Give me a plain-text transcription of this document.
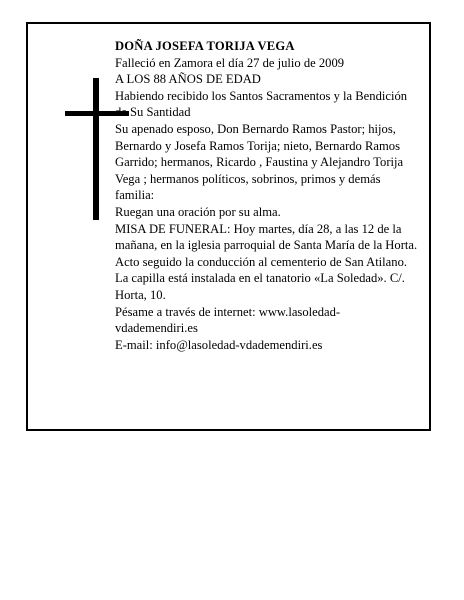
DOÑA JOSEFA TORIJA VEGA

Falleció en Zamora el día 27 de julio de 2009

A LOS 88 AÑOS DE EDAD

Habiendo recibido los Santos Sacramentos y la Bendición de Su Santidad

Su apenado esposo, Don Bernardo Ramos Pastor; hijos, Bernardo y Josefa Ramos Torija; nieto, Bernardo Ramos Garrido; hermanos, Ricardo , Faustina y Alejandro Torija Vega ; hermanos políticos, sobrinos, primos y demás familia:

Ruegan una oración por su alma.

MISA DE FUNERAL: Hoy martes, día 28, a las 12 de la mañana, en la iglesia parroquial de Santa María de la Horta. Acto seguido la conducción al cementerio de San Atilano.

La capilla está instalada en el tanatorio «La Soledad». C/. Horta, 10.

Pésame a través de internet: www.lasoledad-vdademendiri.es

E-mail: info@lasoledad-vdademendiri.es
